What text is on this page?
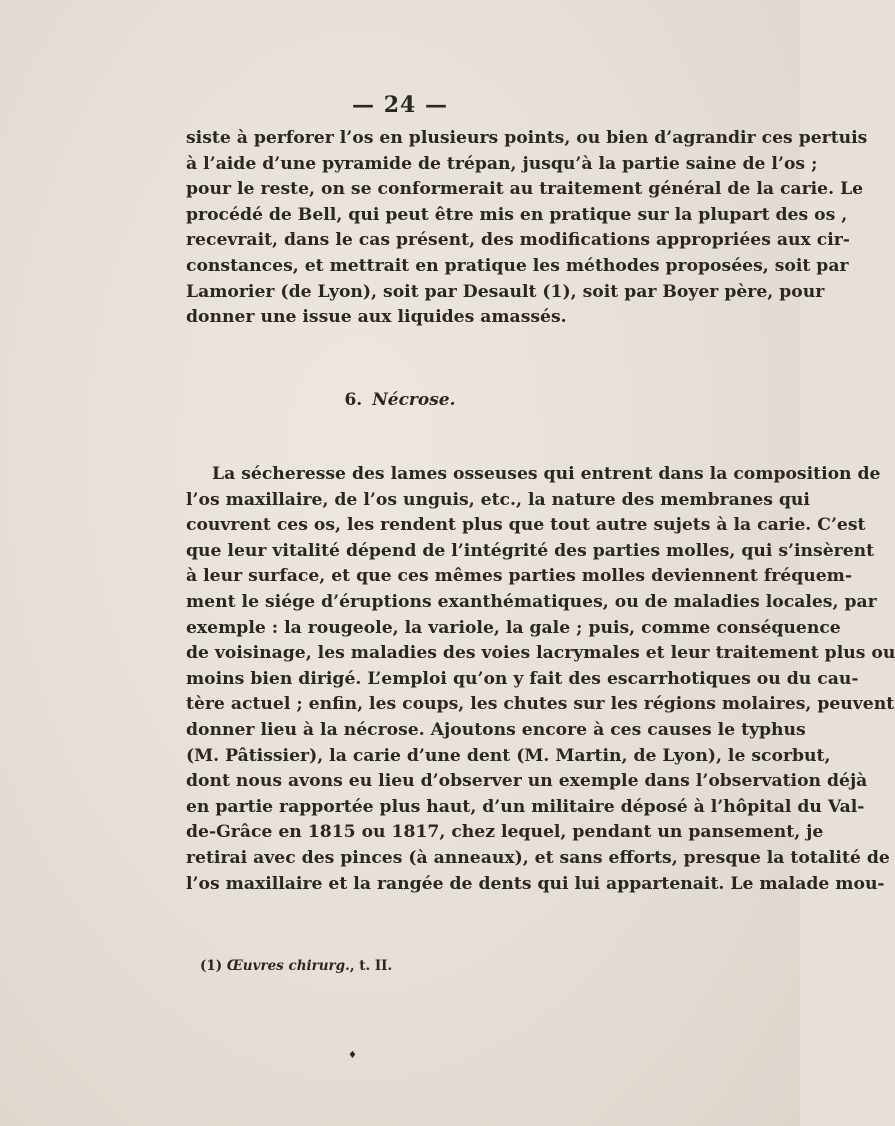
— 24 —
siste à perforer l’os en plusieurs points, ou bien d’agrandir ces pertuis
à l’aide d’une pyramide de trépan, jusqu’à la partie saine de l’os ;
pour le reste, on se conformerait au traitement général de la carie. Le
procédé de Bell, qui peut être mis en pratique sur la plupart des os ,
recevrait, dans le cas présent, des modifications appropriées aux cir-
constances, et mettrait en pratique les méthodes proposées, soit par
Lamorier (de Lyon), soit par Desault (1), soit par Boyer père, pour
donner une issue aux liquides amassés.
6. Nécrose.
La sécheresse des lames osseuses qui entrent dans la composition de
l’os maxillaire, de l’os unguis, etc., la nature des membranes qui
couvrent ces os, les rendent plus que tout autre sujets à la carie. C’est
que leur vitalité dépend de l’intégrité des parties molles, qui s’insèrent
à leur surface, et que ces mêmes parties molles deviennent fréquem-
ment le siége d’éruptions exanthématiques, ou de maladies locales, par
exemple : la rougeole, la variole, la gale ; puis, comme conséquence
de voisinage, les maladies des voies lacrymales et leur traitement plus ou
moins bien dirigé. L’emploi qu’on y fait des escarrhotiques ou du cau-
tère actuel ; enfin, les coups, les chutes sur les régions molaires, peuvent
donner lieu à la nécrose. Ajoutons encore à ces causes le typhus
(M. Pâtissier), la carie d’une dent (M. Martin, de Lyon), le scorbut,
dont nous avons eu lieu d’observer un exemple dans l’observation déjà
en partie rapportée plus haut, d’un militaire déposé à l’hôpital du Val-
de-Grâce en 1815 ou 1817, chez lequel, pendant un pansement, je
retirai avec des pinces (à anneaux), et sans efforts, presque la totalité de
l’os maxillaire et la rangée de dents qui lui appartenait. Le malade mou-
(1) Œuvres chirurg., t. II.
♦
